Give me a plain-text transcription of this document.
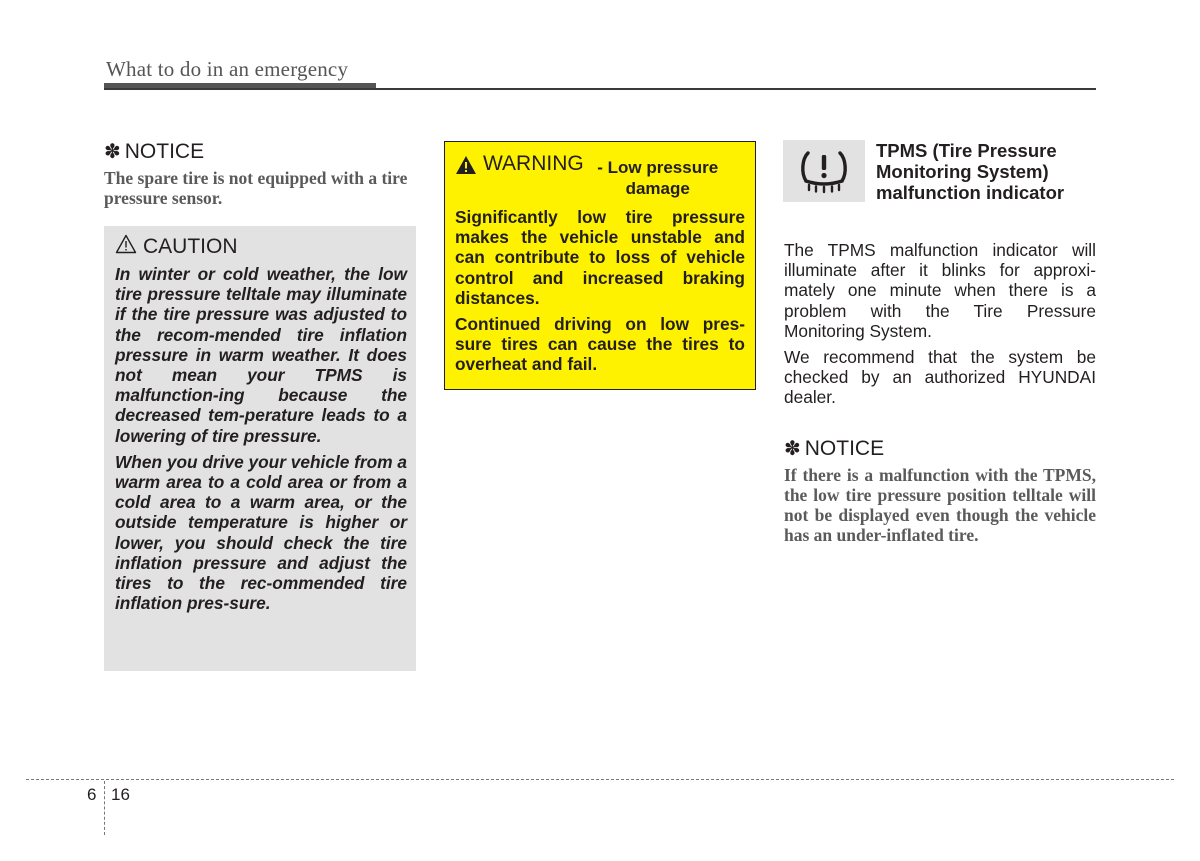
What to do in an emergency
✽ NOTICE
The spare tire is not equipped with a tire pressure sensor.
CAUTION

In winter or cold weather, the low tire pressure telltale may illuminate if the tire pressure was adjusted to the recom-mended tire inflation pressure in warm weather. It does not mean your TPMS is malfunction-ing because the decreased tem-perature leads to a lowering of tire pressure.

When you drive your vehicle from a warm area to a cold area or from a cold area to a warm area, or the outside temperature is higher or lower, you should check the tire inflation pressure and adjust the tires to the rec-ommended tire inflation pres-sure.

WARNING - Low pressure damage

Significantly low tire pressure makes the vehicle unstable and can contribute to loss of vehicle control and increased braking distances.

Continued driving on low pres-sure tires can cause the tires to overheat and fail.

TPMS (Tire Pressure Monitoring System) malfunction indicator

The TPMS malfunction indicator will illuminate after it blinks for approxi-mately one minute when there is a problem with the Tire Pressure Monitoring System.

We recommend that the system be checked by an authorized HYUNDAI dealer.

✽ NOTICE
If there is a malfunction with the TPMS, the low tire pressure position telltale will not be displayed even though the vehicle has an under-inflated tire.
6 16
